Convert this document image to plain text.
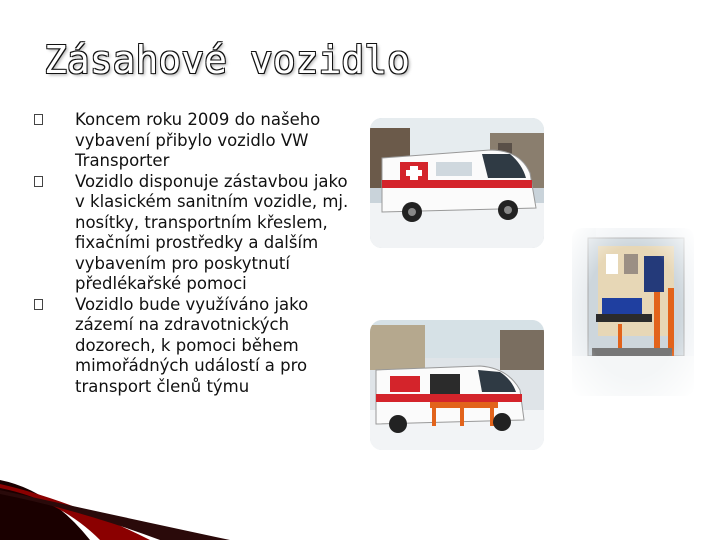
Zásahové vozidlo
Koncem roku 2009 do našeho vybavení přibylo vozidlo VW Transporter
Vozidlo disponuje zástavbou jako v klasickém sanitním vozidle, mj. nosítky, transportním křeslem, fixačními prostředky a dalším vybavením pro poskytnutí předlékařské pomoci
Vozidlo bude využíváno jako zázemí na zdravotnických dozorech, k pomoci během mimořádných událostí a pro transport členů týmu
